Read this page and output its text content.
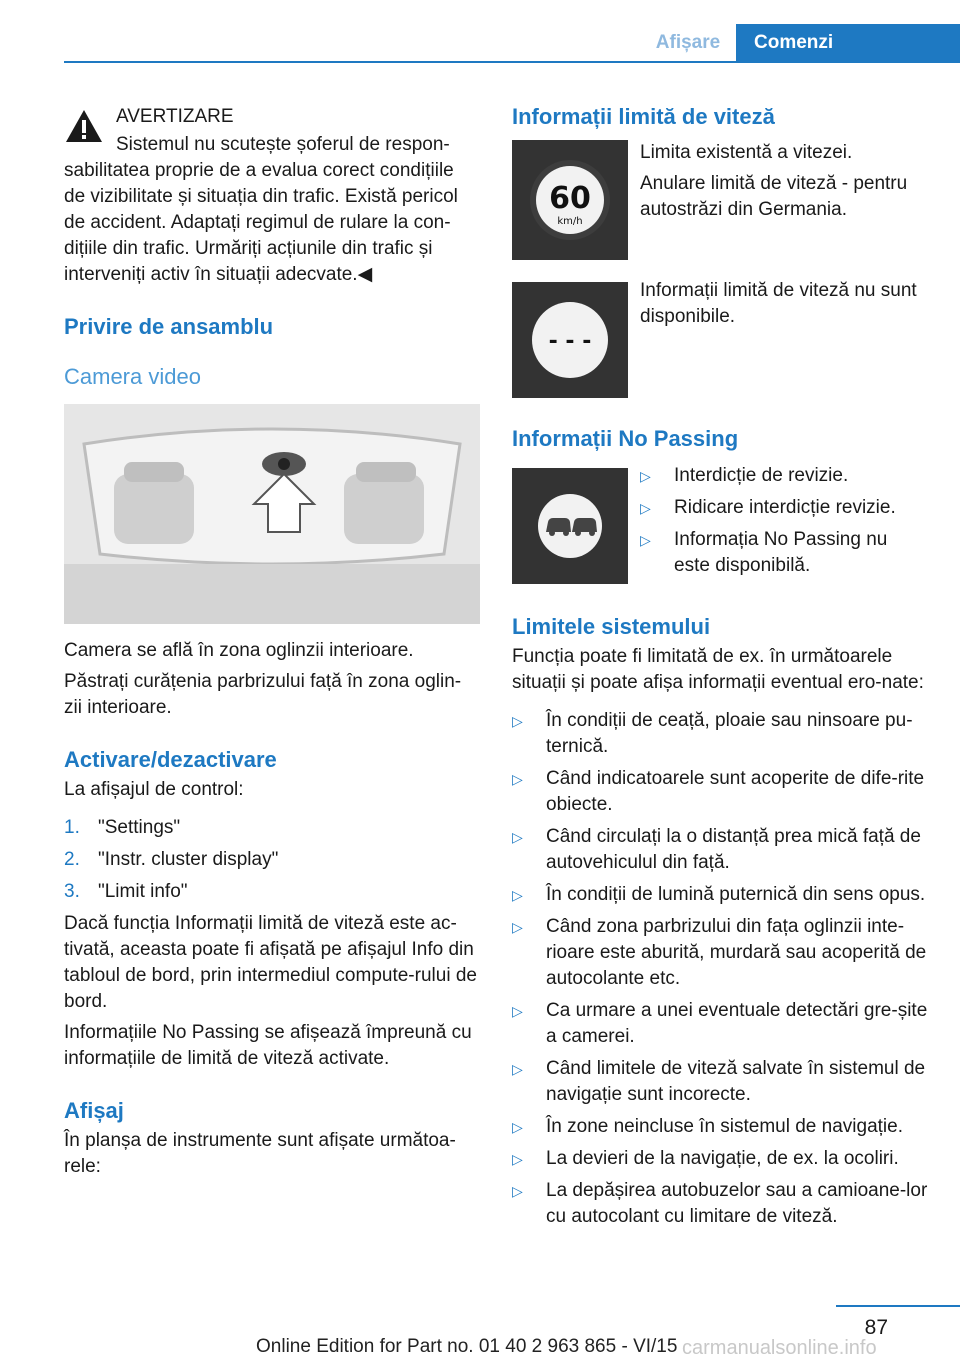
Afișare	Comenzi
AVERTIZARE
Sistemul nu scutește șoferul de respon-
sabilitatea proprie de a evalua corect condițiile de vizibilitate și situația din trafic. Există pericol de accident. Adaptați regimul de rulare la con-dițiile din trafic. Urmăriți acțiunile din trafic și interveniți activ în situații adecvate.◀
Privire de ansamblu
Camera video
Camera se află în zona oglinzii interioare.
Păstrați curățenia parbrizului față în zona oglin-zii interioare.
Activare/dezactivare
La afișajul de control:
1. "Settings"
2. "Instr. cluster display"
3. "Limit info"
Dacă funcția Informații limită de viteză este ac-tivată, aceasta poate fi afișată pe afișajul Info din tabloul de bord, prin intermediul compute-rului de bord.
Informațiile No Passing se afișează împreună cu informațiile de limită de viteză activate.
Afișaj
În planșa de instrumente sunt afișate următoa-rele:
Informații limită de viteză
60
km/h
Limita existentă a vitezei.
Anulare limită de viteză - pentru autostrăzi din Germania.
- - -
Informații limită de viteză nu sunt disponibile.
Informații No Passing
▷ Interdicție de revizie.
▷ Ridicare interdicție revizie.
▷ Informația No Passing nu este disponibilă.
Limitele sistemului
Funcția poate fi limitată de ex. în următoarele situații și poate afișa informații eventual ero-nate:
▷ În condiții de ceață, ploaie sau ninsoare pu-ternică.
▷ Când indicatoarele sunt acoperite de dife-rite obiecte.
▷ Când circulați la o distanță prea mică față de autovehiculul din față.
▷ În condiții de lumină puternică din sens opus.
▷ Când zona parbrizului din fața oglinzii inte-rioare este aburită, murdară sau acoperită de autocolante etc.
▷ Ca urmare a unei eventuale detectări gre-șite a camerei.
▷ Când limitele de viteză salvate în sistemul de navigație sunt incorecte.
▷ În zone neincluse în sistemul de navigație.
▷ La devieri de la navigație, de ex. la ocoliri.
▷ La depășirea autobuzelor sau a camioane-lor cu autocolant cu limitare de viteză.
87
Online Edition for Part no. 01 40 2 963 865 - VI/15 carmanualsonline.info
